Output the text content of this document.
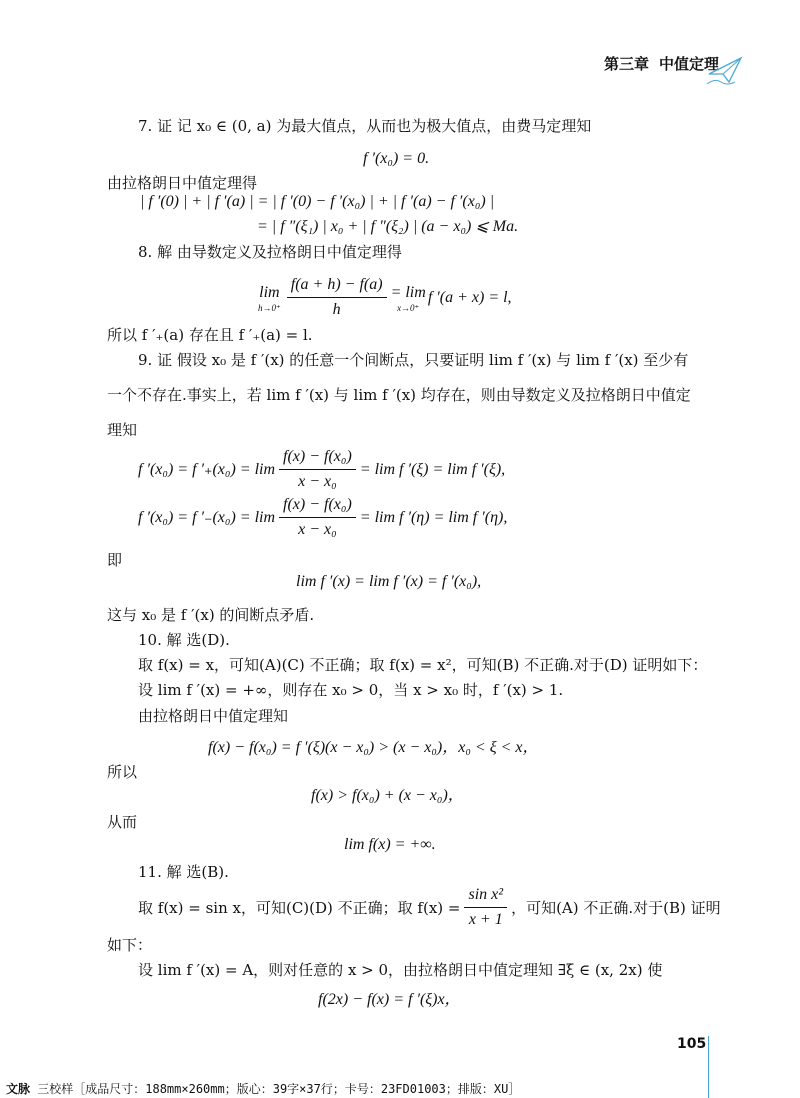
第三章 中值定理
7. 证 记 x₀ ∈ (0, a) 为最大值点，从而也为极大值点，由费马定理知
f ′(x₀) = 0.
由拉格朗日中值定理得
| f ′(0) | + | f ′(a) | = | f ′(0) − f ′(x₀) | + | f ′(a) − f ′(x₀) |
= | f ″(ξ₁) | x₀ + | f ″(ξ₂) | (a − x₀) ⩽ Ma.
8. 解 由导数定义及拉格朗日中值定理得
lim
$h\to 0^+ \frac{f(a + h) - f(a)}{h} = \lim$
x→0⁺
f ′(a + x) = l,
所以 f ′₊(a) 存在且 f ′₊(a) = l.
9. 证 假设 x₀ 是 f ′(x) 的任意一个间断点，只要证明 lim f ′(x) 与 lim f ′(x) 至少有
一个不存在.事实上，若 lim f ′(x) 与 lim f ′(x) 均存在，则由导数定义及拉格朗日中值定
理知
f ′(x₀) = f $'_+(x_0) = \lim \frac{\text{f(x) − f(x₀)}}{\text{x − x₀}} = \lim f$ ′(ξ) = lim f ′(ξ),
f ′(x₀) = f $'_-(x_0) = \lim \frac{\text{f(x) − f(x₀)}}{\text{x − x₀}} = \lim f$ ′(η) = lim f ′(η),
即
lim f ′(x) = lim f ′(x) = f ′(x₀),
这与 x₀ 是 f ′(x) 的间断点矛盾.
10. 解 选(D).
取 f(x) = x，可知(A)(C) 不正确；取 f(x) = x²，可知(B) 不正确.对于(D) 证明如下：
设 lim f ′(x) = +∞，则存在 x₀ > 0，当 x > x₀ 时，f ′(x) > 1.
由拉格朗日中值定理知
f(x) − f(x₀) = f ′(ξ)(x − x₀) > (x − x₀)，x₀ < ξ < x，
所以
f(x) > f(x₀) + (x − x₀)，
从而
lim f(x) = +∞.
11. 解 选(B).
取 f(x) = sin x，可知(C)(D) 不正确；取 $f(x) = \frac{\text{sin x²}}{x + 1}$ ，可知(A) 不正确.对于(B) 证明
如下：
设 lim f ′(x) = A，则对任意的 x > 0，由拉格朗日中值定理知 ∃ξ ∈ (x, 2x) 使
f(2x) − f(x) = f ′(ξ)x，
105
文脉 三校样［成品尺寸：188mm×260mm；版心：39字×37行；卡号：23FD01003；排版：XU］
